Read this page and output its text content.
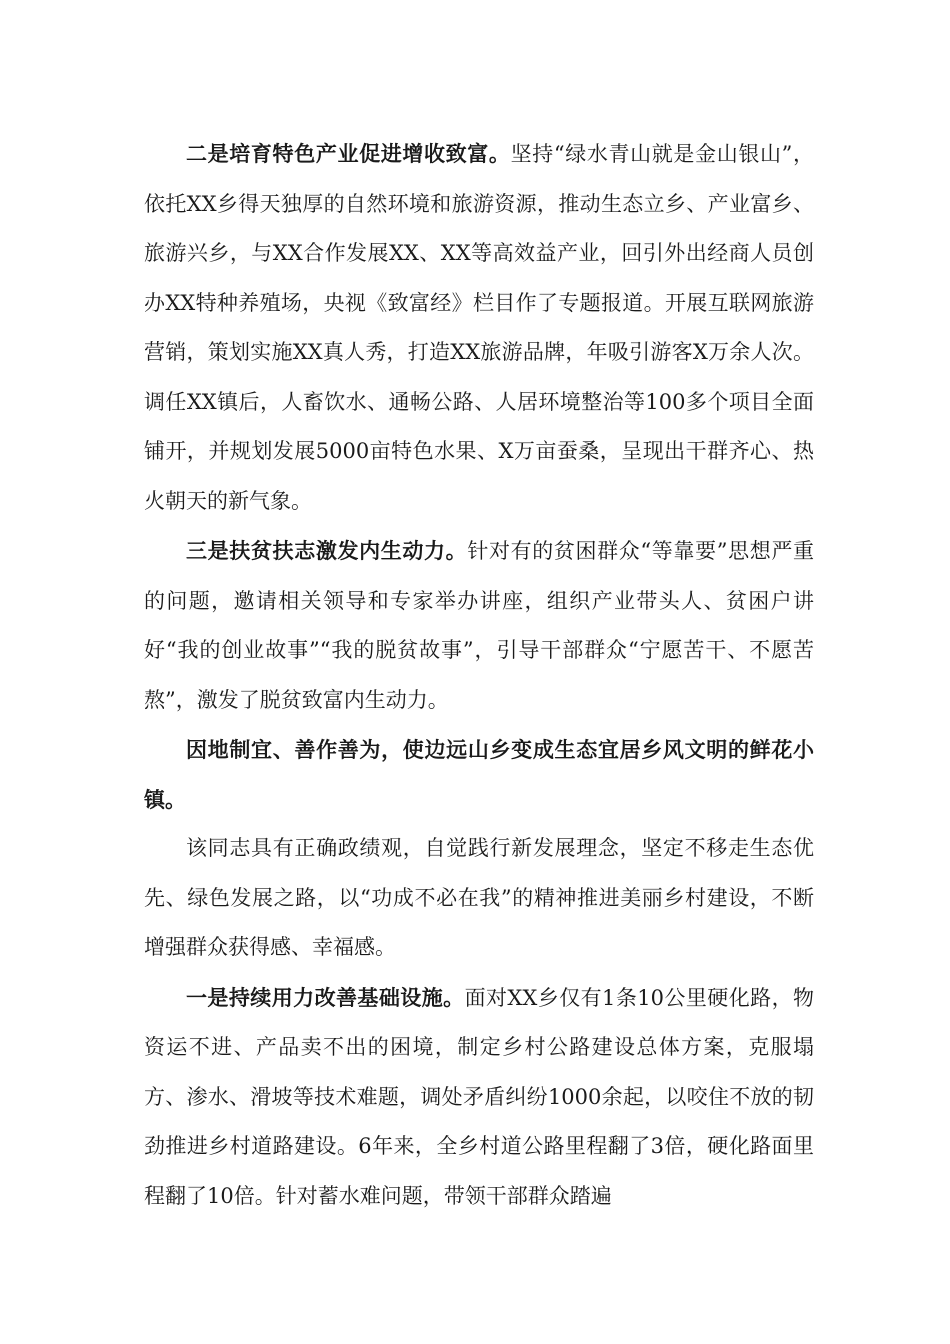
二是培育特色产业促进增收致富。坚持“绿水青山就是金山银山”，依托XX乡得天独厚的自然环境和旅游资源，推动生态立乡、产业富乡、旅游兴乡，与XX合作发展XX、XX等高效益产业，回引外出经商人员创办XX特种养殖场，央视《致富经》栏目作了专题报道。开展互联网旅游营销，策划实施XX真人秀，打造XX旅游品牌，年吸引游客X万余人次。调任XX镇后，人畜饮水、通畅公路、人居环境整治等100多个项目全面铺开，并规划发展5000亩特色水果、X万亩蚕桑，呈现出干群齐心、热火朝天的新气象。

三是扶贫扶志激发内生动力。针对有的贫困群众“等靠要”思想严重的问题，邀请相关领导和专家举办讲座，组织产业带头人、贫困户讲好“我的创业故事”“我的脱贫故事”，引导干部群众“宁愿苦干、不愿苦熬”，激发了脱贫致富内生动力。

因地制宜、善作善为，使边远山乡变成生态宜居乡风文明的鲜花小镇。

该同志具有正确政绩观，自觉践行新发展理念，坚定不移走生态优先、绿色发展之路，以“功成不必在我”的精神推进美丽乡村建设，不断增强群众获得感、幸福感。

一是持续用力改善基础设施。面对XX乡仅有1条10公里硬化路，物资运不进、产品卖不出的困境，制定乡村公路建设总体方案，克服塌方、渗水、滑坡等技术难题，调处矛盾纠纷1000余起，以咬住不放的韧劲推进乡村道路建设。6年来，全乡村道公路里程翻了3倍，硬化路面里程翻了10倍。针对蓄水难问题，带领干部群众踏遍
